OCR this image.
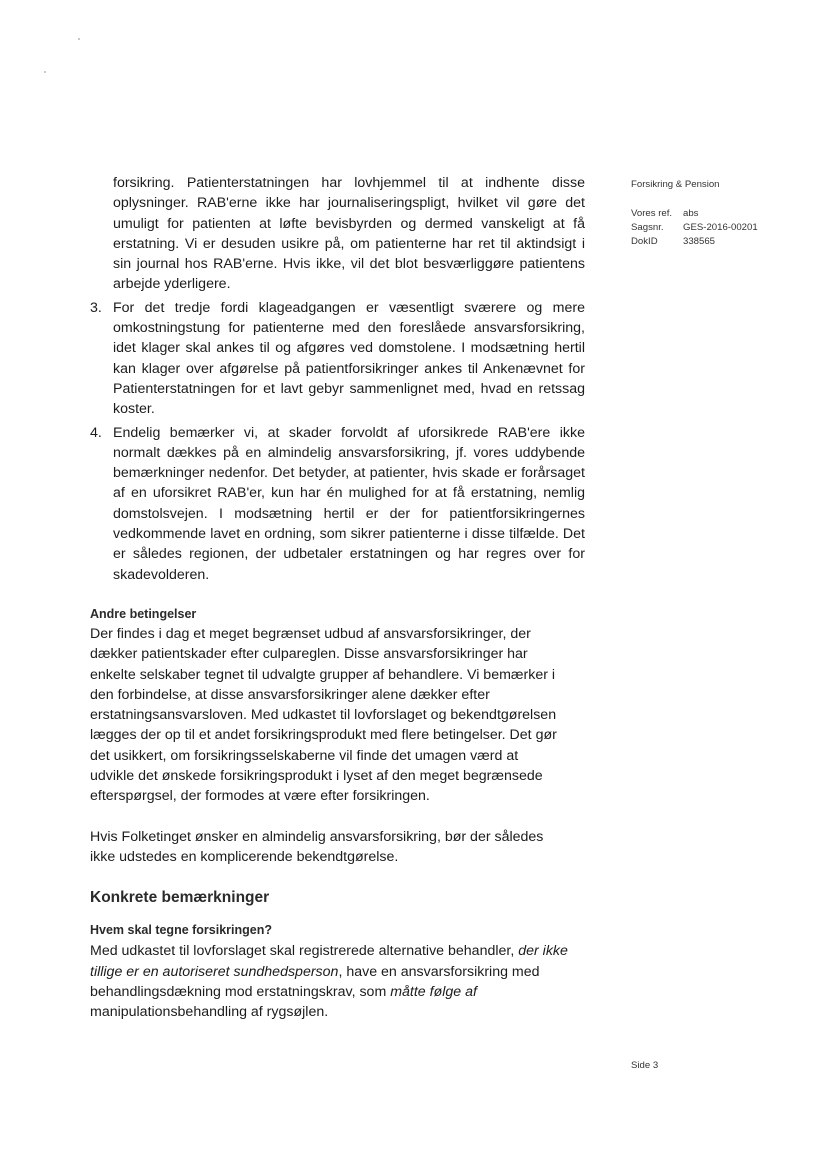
Forsikring & Pension
Vores ref.	abs
Sagsnr.	GES-2016-00201
DokID	338565
forsikring. Patienterstatningen har lovhjemmel til at indhente disse oplysninger. RAB'erne ikke har journaliseringspligt, hvilket vil gøre det umuligt for patienten at løfte bevisbyrden og dermed vanskeligt at få erstatning. Vi er desuden usikre på, om patienterne har ret til aktindsigt i sin journal hos RAB'erne. Hvis ikke, vil det blot besværliggøre patientens arbejde yderligere.
3. For det tredje fordi klageadgangen er væsentligt sværere og mere omkostningstung for patienterne med den foreslåede ansvarsforsikring, idet klager skal ankes til og afgøres ved domstolene. I modsætning hertil kan klager over afgørelse på patientforsikringer ankes til Ankenævnet for Patienterstatningen for et lavt gebyr sammenlignet med, hvad en retssag koster.
4. Endelig bemærker vi, at skader forvoldt af uforsikrede RAB'ere ikke normalt dækkes på en almindelig ansvarsforsikring, jf. vores uddybende bemærkninger nedenfor. Det betyder, at patienter, hvis skade er forårsaget af en uforsikret RAB'er, kun har én mulighed for at få erstatning, nemlig domstolsvejen. I modsætning hertil er der for patientforsikringernes vedkommende lavet en ordning, som sikrer patienterne i disse tilfælde. Det er således regionen, der udbetaler erstatningen og har regres over for skadevolderen.
Andre betingelser
Der findes i dag et meget begrænset udbud af ansvarsforsikringer, der dækker patientskader efter culpareglen. Disse ansvarsforsikringer har enkelte selskaber tegnet til udvalgte grupper af behandlere. Vi bemærker i den forbindelse, at disse ansvarsforsikringer alene dækker efter erstatningsansvarsloven. Med udkastet til lovforslaget og bekendtgørelsen lægges der op til et andet forsikringsprodukt med flere betingelser. Det gør det usikkert, om forsikringsselskaberne vil finde det umagen værd at udvikle det ønskede forsikringsprodukt i lyset af den meget begrænsede efterspørgsel, der formodes at være efter forsikringen.
Hvis Folketinget ønsker en almindelig ansvarsforsikring, bør der således ikke udstedes en komplicerende bekendtgørelse.
Konkrete bemærkninger
Hvem skal tegne forsikringen?
Med udkastet til lovforslaget skal registrerede alternative behandler, der ikke tillige er en autoriseret sundhedsperson, have en ansvarsforsikring med behandlingsdækning mod erstatningskrav, som måtte følge af manipulationsbehandling af rygsøjlen.
Side 3
